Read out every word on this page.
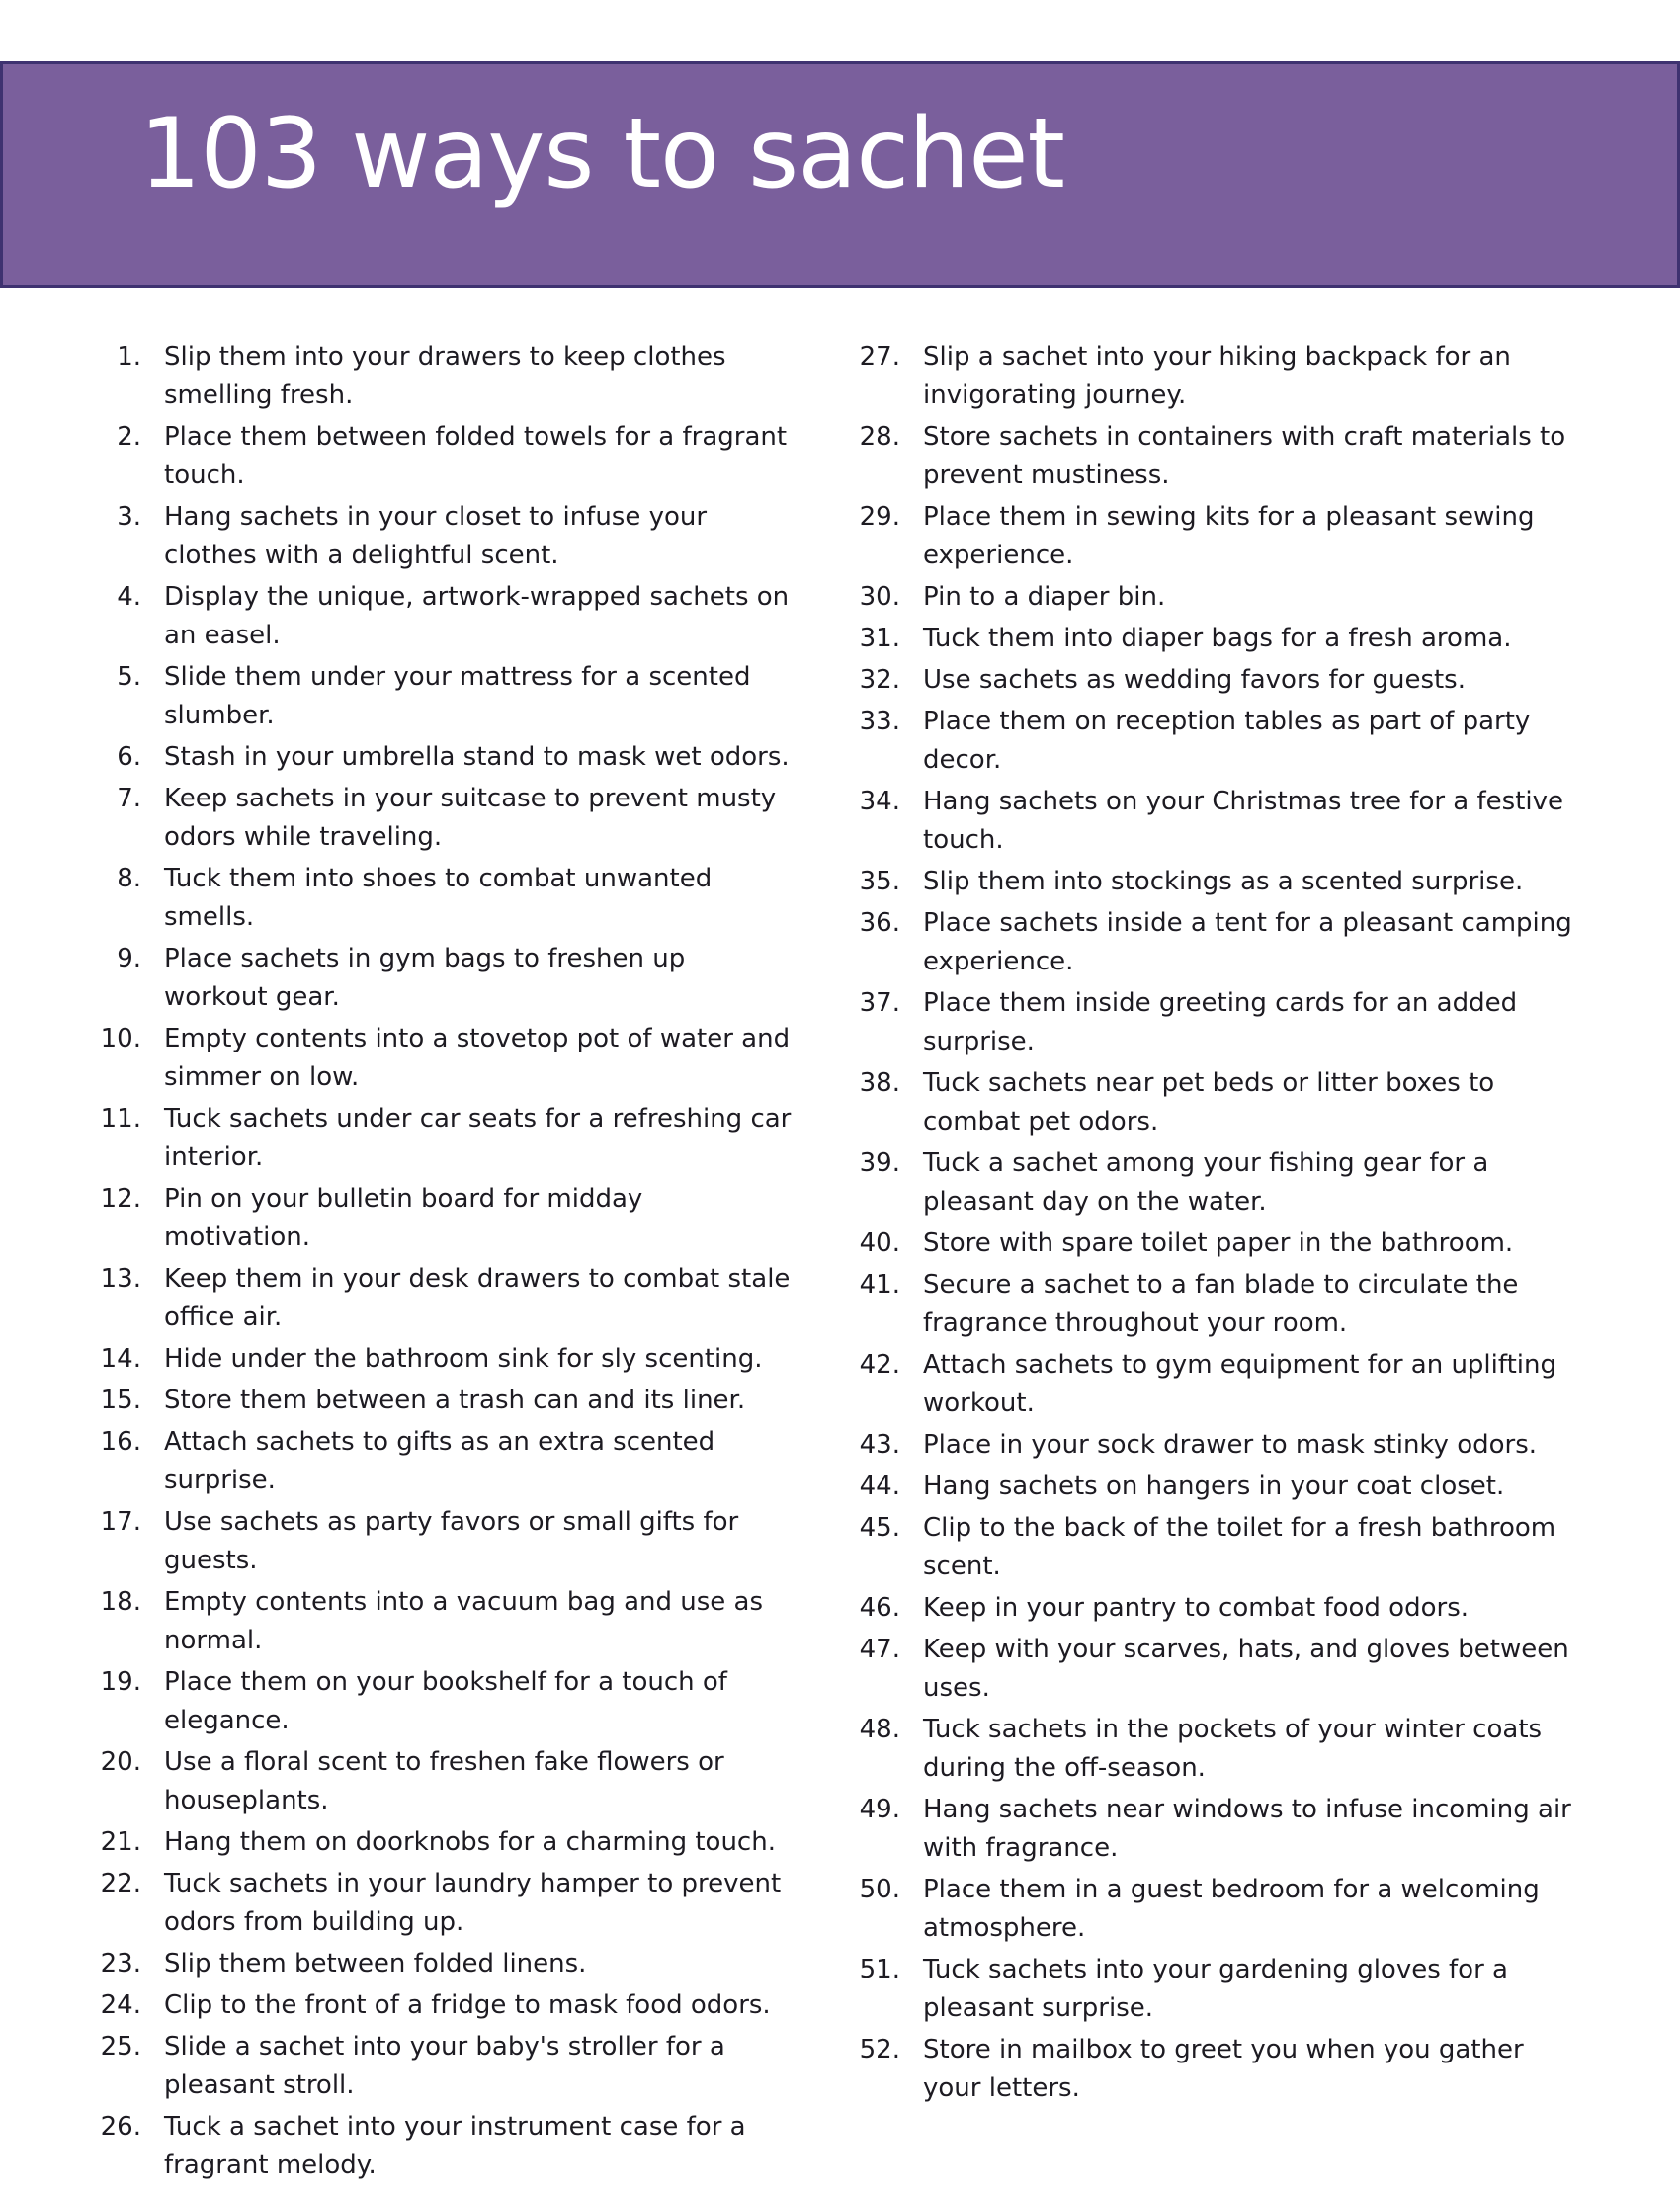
103 ways to sachet
1. Slip them into your drawers to keep clothes smelling fresh.
2. Place them between folded towels for a fragrant touch.
3. Hang sachets in your closet to infuse your clothes with a delightful scent.
4. Display the unique, artwork-wrapped sachets on an easel.
5. Slide them under your mattress for a scented slumber.
6. Stash in your umbrella stand to mask wet odors.
7. Keep sachets in your suitcase to prevent musty odors while traveling.
8. Tuck them into shoes to combat unwanted smells.
9. Place sachets in gym bags to freshen up workout gear.
10. Empty contents into a stovetop pot of water and simmer on low.
11. Tuck sachets under car seats for a refreshing car interior.
12. Pin on your bulletin board for midday motivation.
13. Keep them in your desk drawers to combat stale office air.
14. Hide under the bathroom sink for sly scenting.
15. Store them between a trash can and its liner.
16. Attach sachets to gifts as an extra scented surprise.
17. Use sachets as party favors or small gifts for guests.
18. Empty contents into a vacuum bag and use as normal.
19. Place them on your bookshelf for a touch of elegance.
20. Use a floral scent to freshen fake flowers or houseplants.
21. Hang them on doorknobs for a charming touch.
22. Tuck sachets in your laundry hamper to prevent odors from building up.
23. Slip them between folded linens.
24. Clip to the front of a fridge to mask food odors.
25. Slide a sachet into your baby's stroller for a pleasant stroll.
26. Tuck a sachet into your instrument case for a fragrant melody.
27. Slip a sachet into your hiking backpack for an invigorating journey.
28. Store sachets in containers with craft materials to prevent mustiness.
29. Place them in sewing kits for a pleasant sewing experience.
30. Pin to a diaper bin.
31. Tuck them into diaper bags for a fresh aroma.
32. Use sachets as wedding favors for guests.
33. Place them on reception tables as part of party decor.
34. Hang sachets on your Christmas tree for a festive touch.
35. Slip them into stockings as a scented surprise.
36. Place sachets inside a tent for a pleasant camping experience.
37. Place them inside greeting cards for an added surprise.
38. Tuck sachets near pet beds or litter boxes to combat pet odors.
39. Tuck a sachet among your fishing gear for a pleasant day on the water.
40. Store with spare toilet paper in the bathroom.
41. Secure a sachet to a fan blade to circulate the fragrance throughout your room.
42. Attach sachets to gym equipment for an uplifting workout.
43. Place in your sock drawer to mask stinky odors.
44. Hang sachets on hangers in your coat closet.
45. Clip to the back of the toilet for a fresh bathroom scent.
46. Keep in your pantry to combat food odors.
47. Keep with your scarves, hats, and gloves between uses.
48. Tuck sachets in the pockets of your winter coats during the off-season.
49. Hang sachets near windows to infuse incoming air with fragrance.
50. Place them in a guest bedroom for a welcoming atmosphere.
51. Tuck sachets into your gardening gloves for a pleasant surprise.
52. Store in mailbox to greet you when you gather your letters.
